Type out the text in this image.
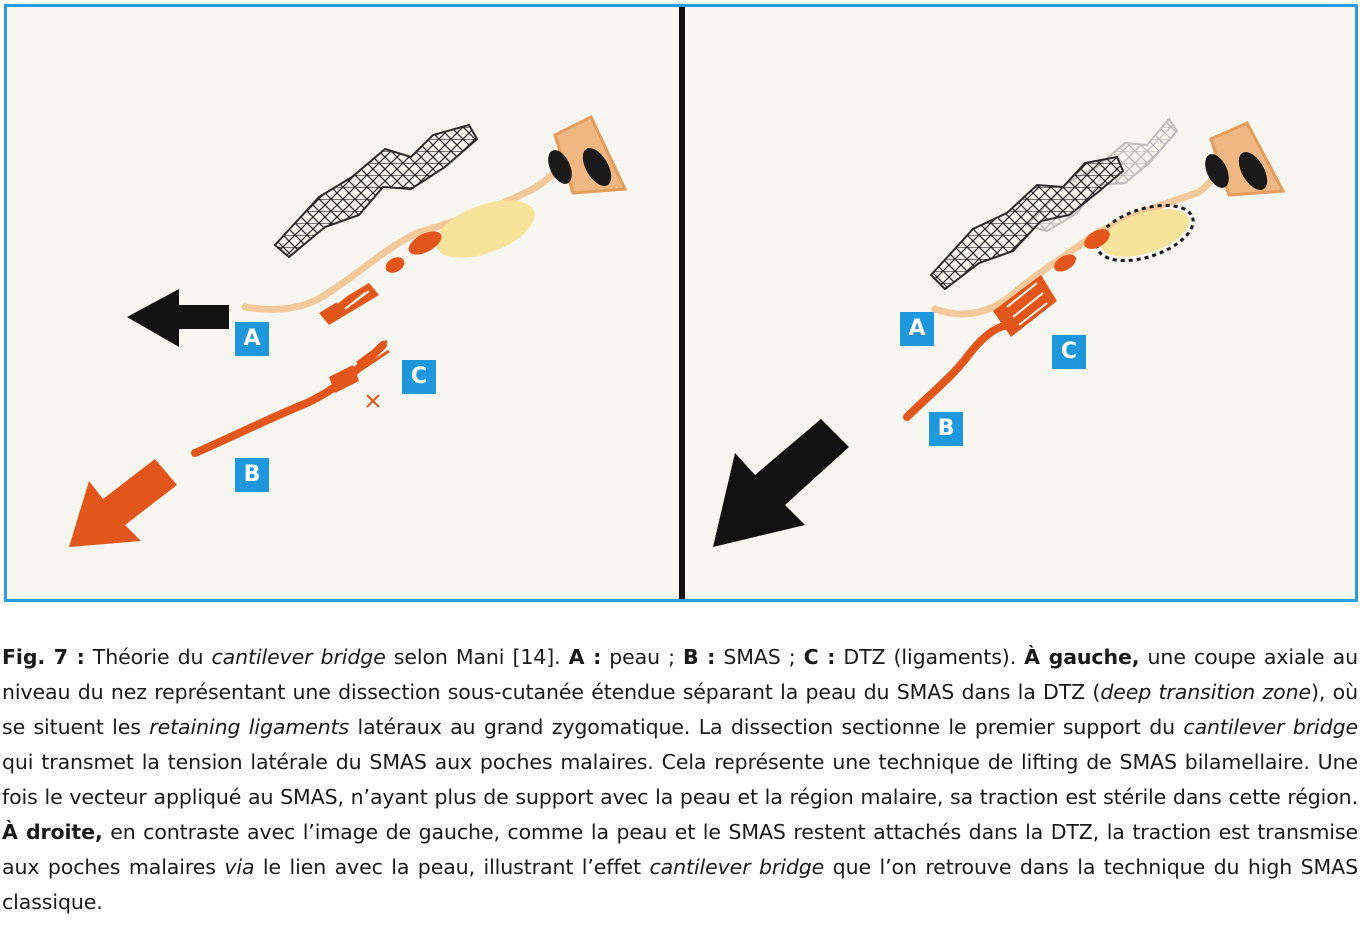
A
C
B
A
C
B
Fig. 7 : Théorie du cantilever bridge selon Mani [14]. A : peau ; B : SMAS ; C : DTZ (ligaments). À gauche, une coupe axiale au niveau du nez représentant une dissection sous-cutanée étendue séparant la peau du SMAS dans la DTZ (deep transition zone), où se situent les retaining ligaments latéraux au grand zygomatique. La dissection sectionne le premier support du cantilever bridge qui transmet la tension latérale du SMAS aux poches malaires. Cela représente une technique de lifting de SMAS bilamellaire. Une fois le vecteur appliqué au SMAS, n’ayant plus de support avec la peau et la région malaire, sa traction est stérile dans cette région. À droite, en contraste avec l’image de gauche, comme la peau et le SMAS restent attachés dans la DTZ, la traction est transmise aux poches malaires via le lien avec la peau, illustrant l’effet cantilever bridge que l’on retrouve dans la technique du high SMAS classique.
